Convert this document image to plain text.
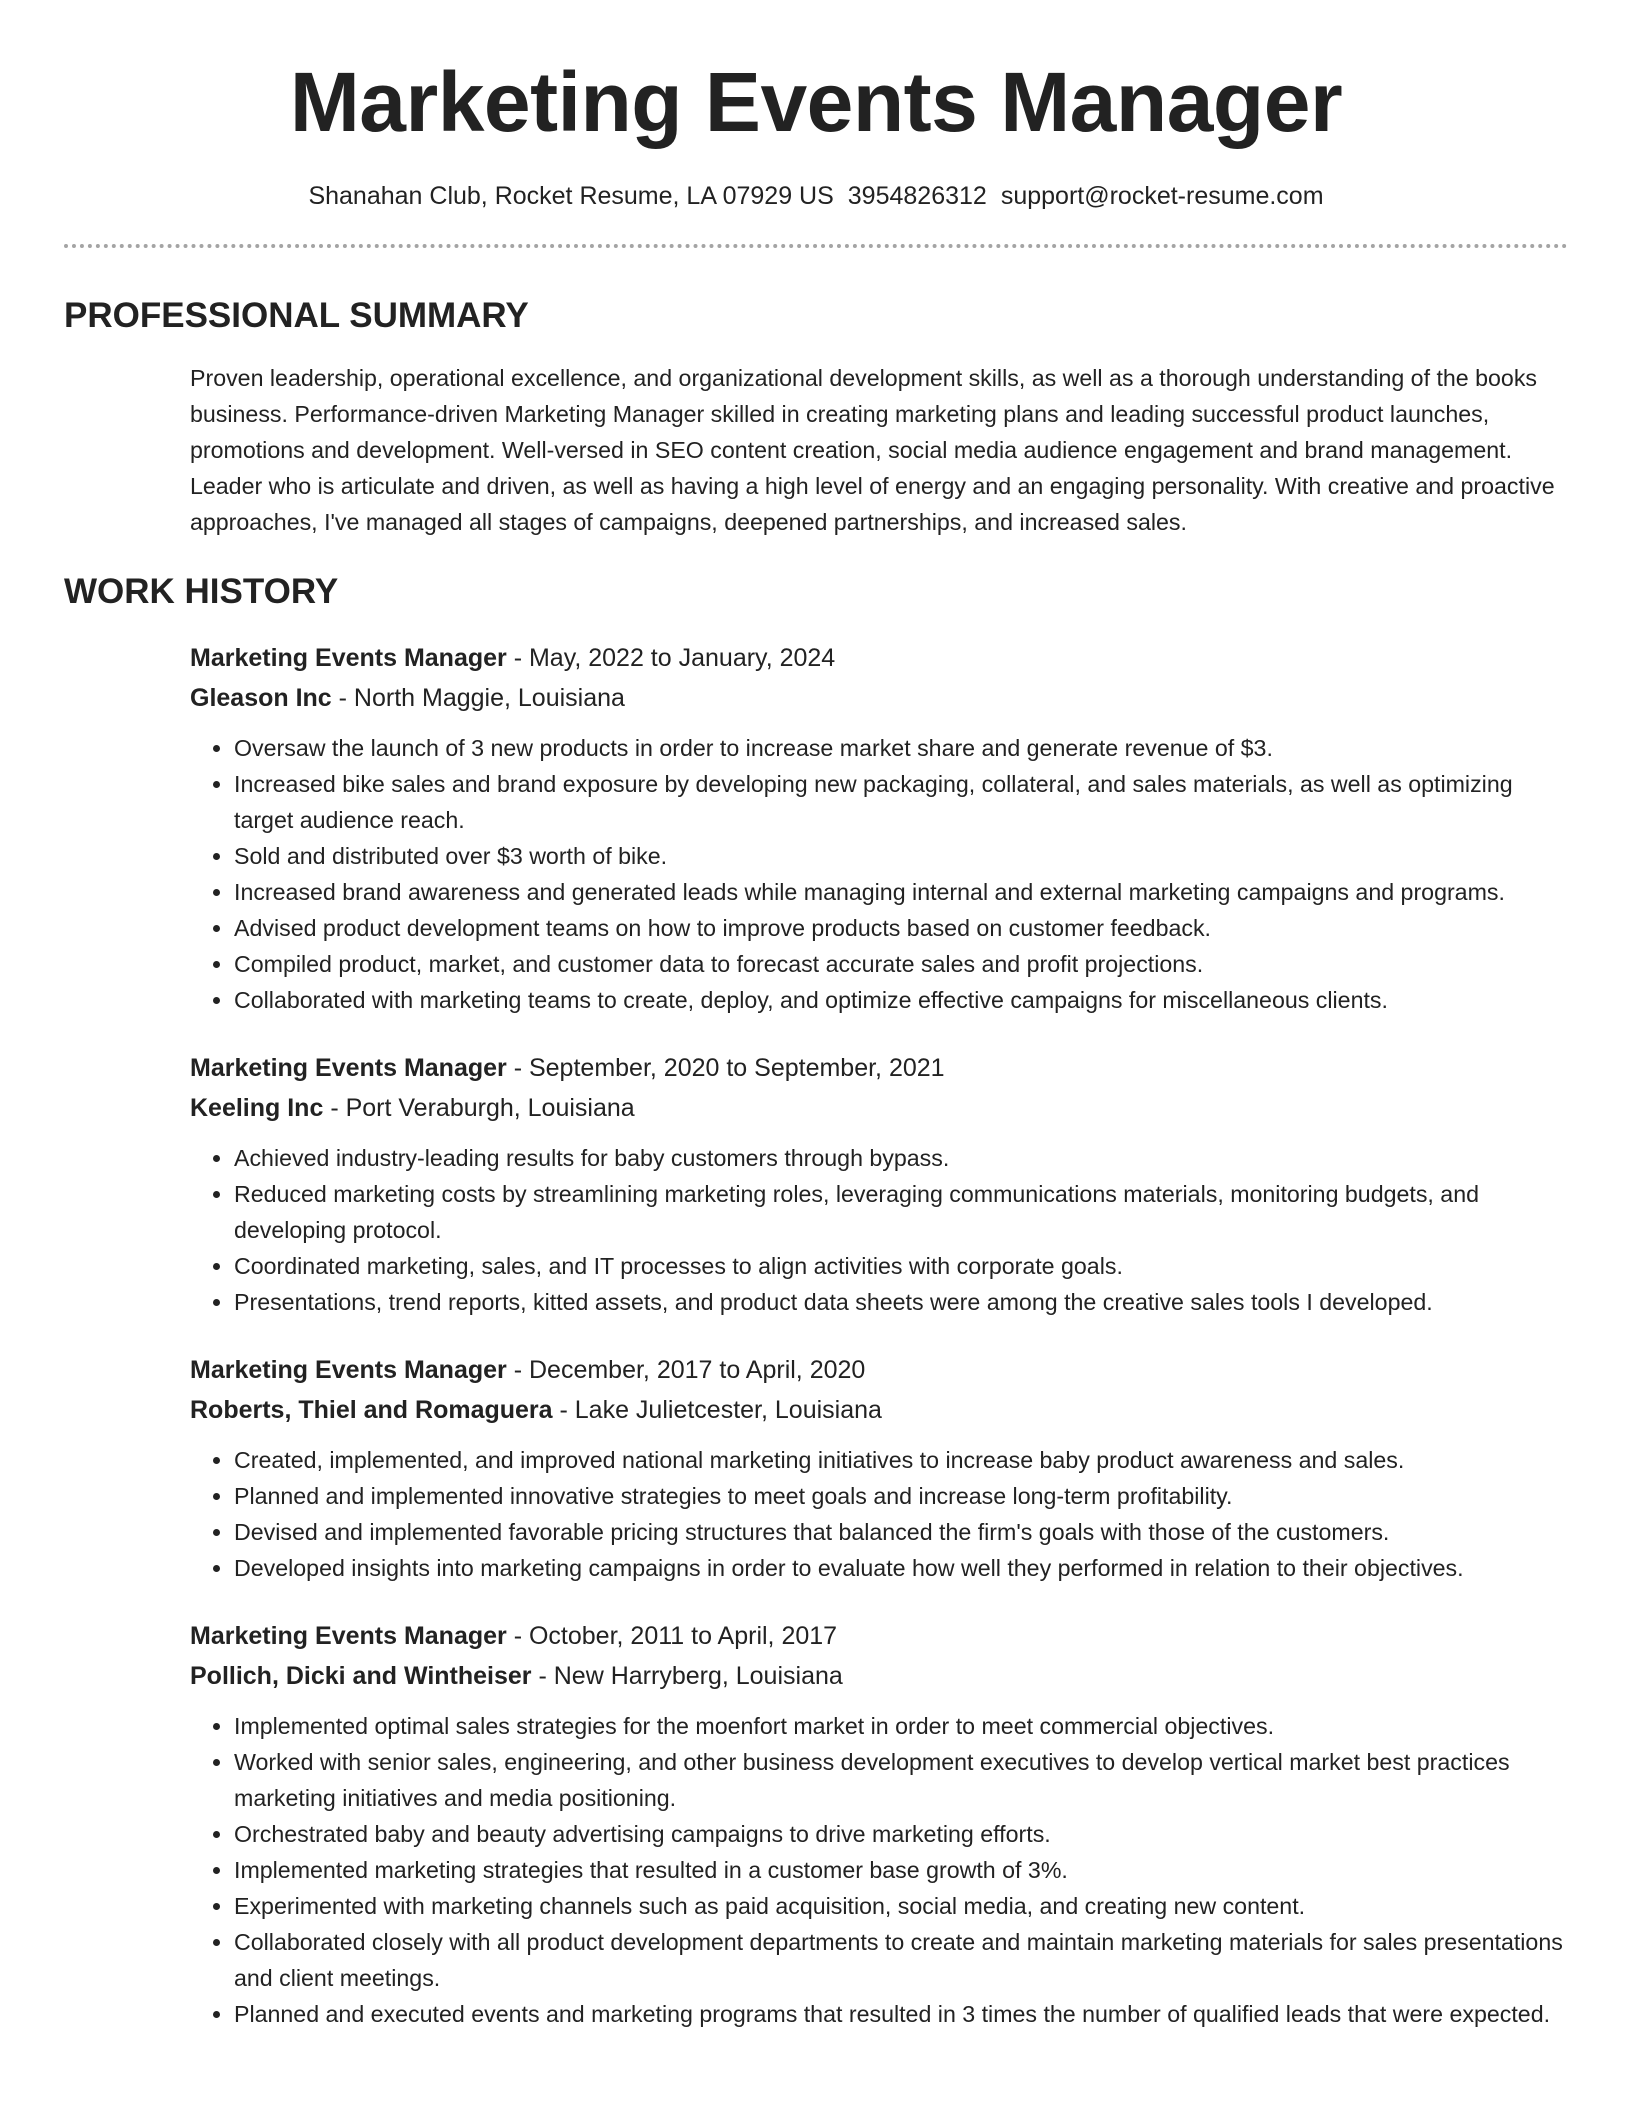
Marketing Events Manager
Shanahan Club, Rocket Resume, LA 07929 US 3954826312 support@rocket-resume.com
PROFESSIONAL SUMMARY

Proven leadership, operational excellence, and organizational development skills, as well as a thorough understanding of the books business. Performance-driven Marketing Manager skilled in creating marketing plans and leading successful product launches, promotions and development. Well-versed in SEO content creation, social media audience engagement and brand management. Leader who is articulate and driven, as well as having a high level of energy and an engaging personality. With creative and proactive approaches, I've managed all stages of campaigns, deepened partnerships, and increased sales.

WORK HISTORY
Marketing Events Manager - May, 2022 to January, 2024
Gleason Inc - North Maggie, Louisiana
• Oversaw the launch of 3 new products in order to increase market share and generate revenue of $3.
• Increased bike sales and brand exposure by developing new packaging, collateral, and sales materials, as well as optimizing target audience reach.
• Sold and distributed over $3 worth of bike.
• Increased brand awareness and generated leads while managing internal and external marketing campaigns and programs.
• Advised product development teams on how to improve products based on customer feedback.
• Compiled product, market, and customer data to forecast accurate sales and profit projections.
• Collaborated with marketing teams to create, deploy, and optimize effective campaigns for miscellaneous clients.
Marketing Events Manager - September, 2020 to September, 2021
Keeling Inc - Port Veraburgh, Louisiana
• Achieved industry-leading results for baby customers through bypass.
• Reduced marketing costs by streamlining marketing roles, leveraging communications materials, monitoring budgets, and developing protocol.
• Coordinated marketing, sales, and IT processes to align activities with corporate goals.
• Presentations, trend reports, kitted assets, and product data sheets were among the creative sales tools I developed.
Marketing Events Manager - December, 2017 to April, 2020
Roberts, Thiel and Romaguera - Lake Julietcester, Louisiana
• Created, implemented, and improved national marketing initiatives to increase baby product awareness and sales.
• Planned and implemented innovative strategies to meet goals and increase long-term profitability.
• Devised and implemented favorable pricing structures that balanced the firm's goals with those of the customers.
• Developed insights into marketing campaigns in order to evaluate how well they performed in relation to their objectives.
Marketing Events Manager - October, 2011 to April, 2017
Pollich, Dicki and Wintheiser - New Harryberg, Louisiana
• Implemented optimal sales strategies for the moenfort market in order to meet commercial objectives.
• Worked with senior sales, engineering, and other business development executives to develop vertical market best practices marketing initiatives and media positioning.
• Orchestrated baby and beauty advertising campaigns to drive marketing efforts.
• Implemented marketing strategies that resulted in a customer base growth of 3%.
• Experimented with marketing channels such as paid acquisition, social media, and creating new content.
• Collaborated closely with all product development departments to create and maintain marketing materials for sales presentations and client meetings.
• Planned and executed events and marketing programs that resulted in 3 times the number of qualified leads that were expected.
